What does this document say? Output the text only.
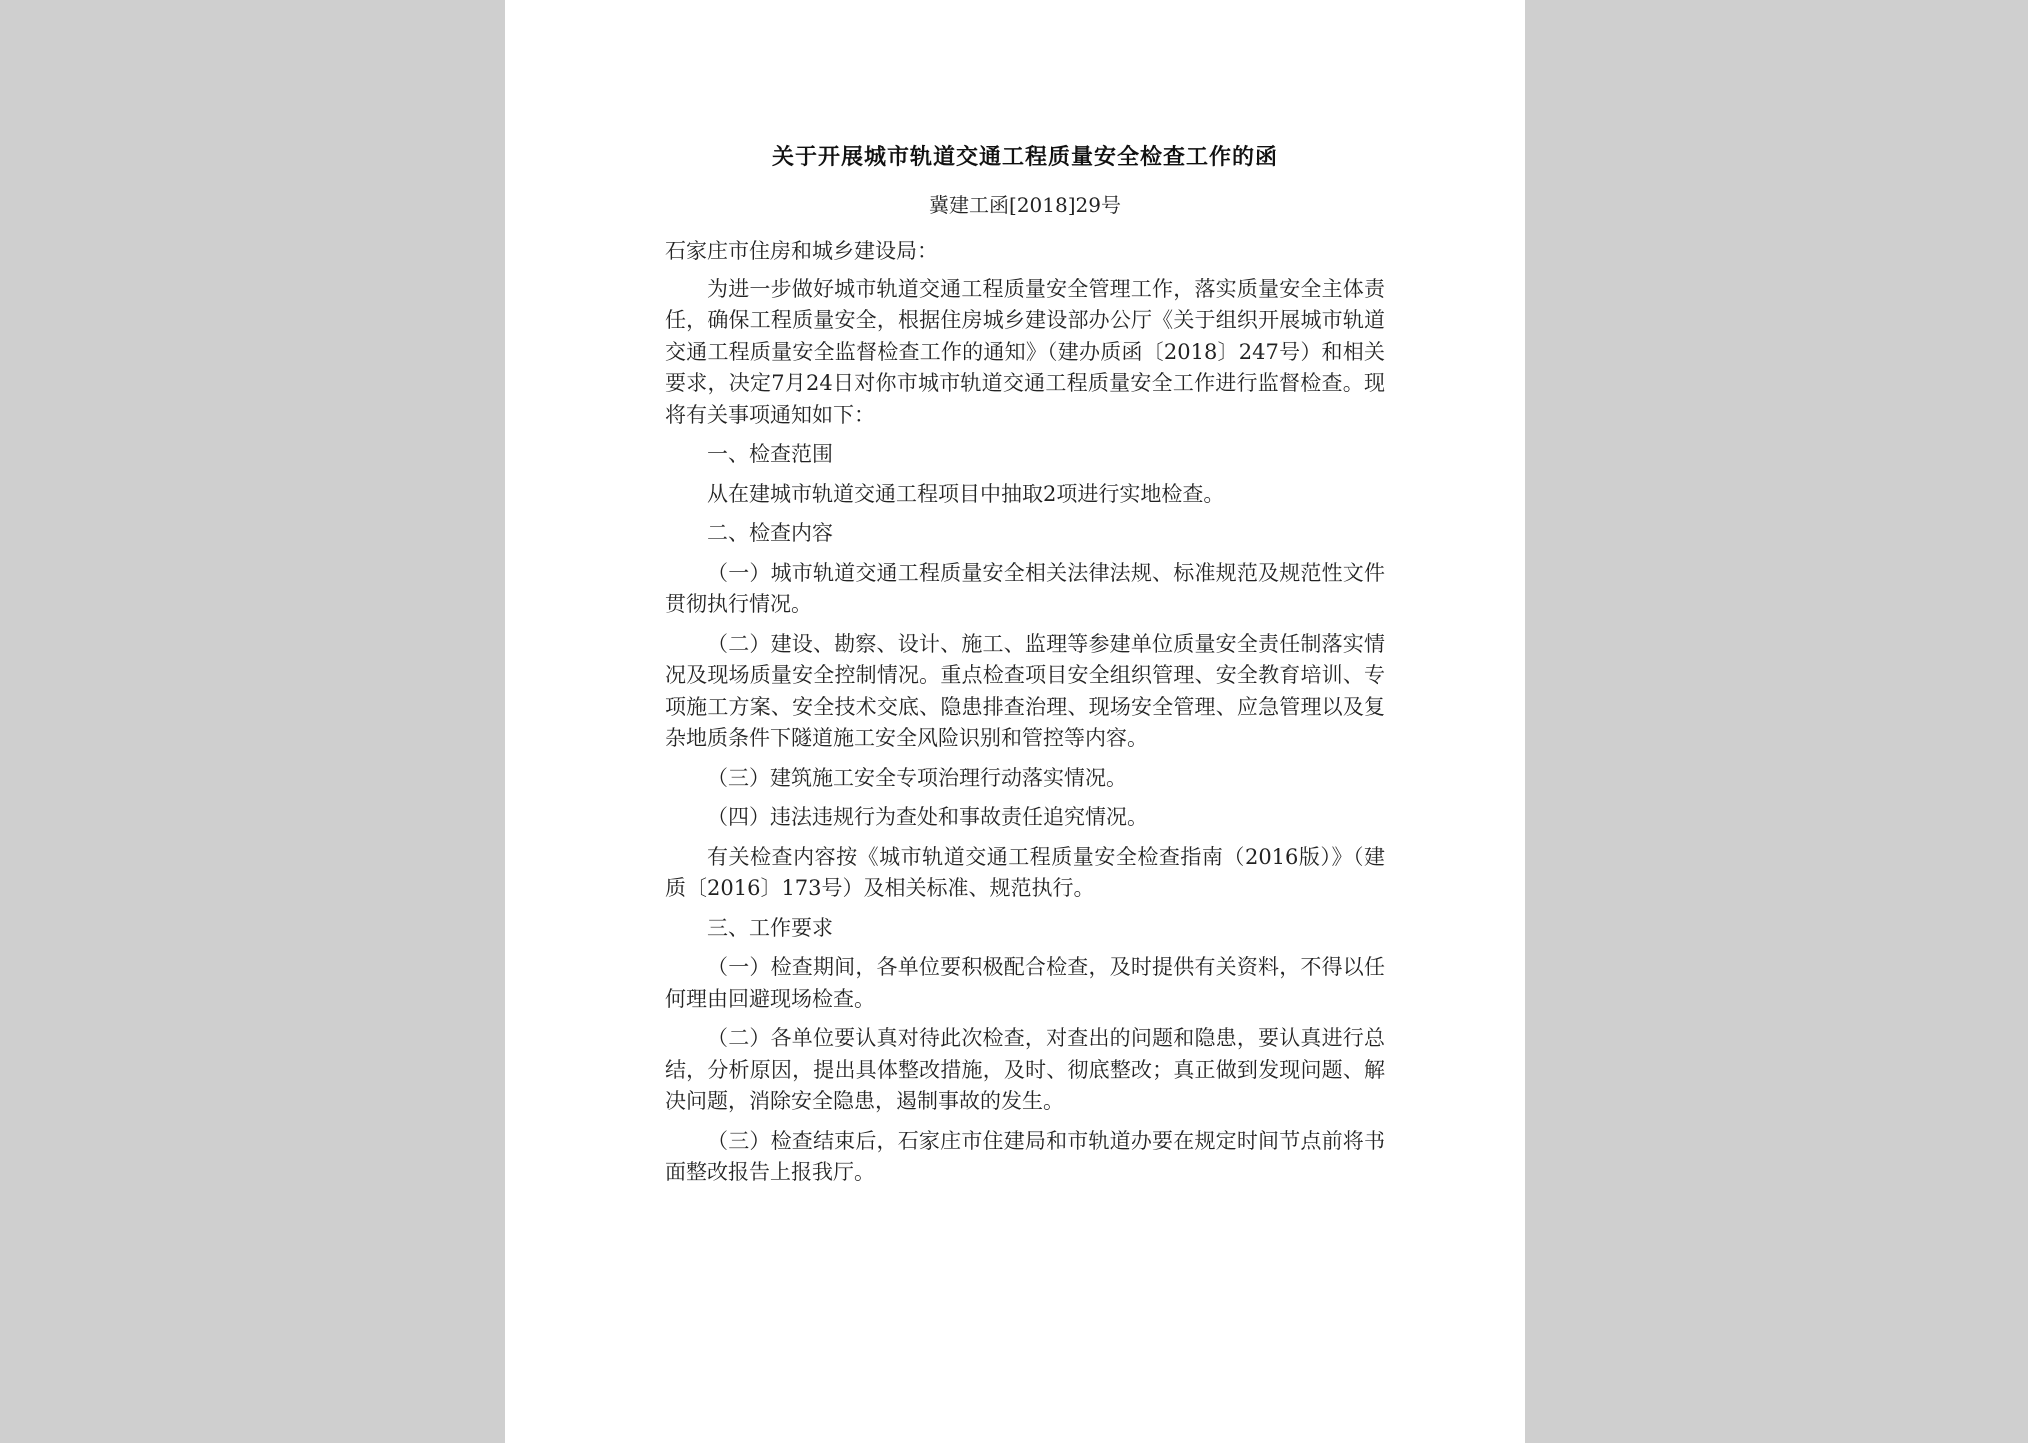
关于开展城市轨道交通工程质量安全检查工作的函
冀建工函[2018]29号
石家庄市住房和城乡建设局：
为进一步做好城市轨道交通工程质量安全管理工作，落实质量安全主体责任，确保工程质量安全，根据住房城乡建设部办公厅《关于组织开展城市轨道交通工程质量安全监督检查工作的通知》（建办质函〔2018〕247号）和相关要求，决定7月24日对你市城市轨道交通工程质量安全工作进行监督检查。现将有关事项通知如下：
一、检查范围
从在建城市轨道交通工程项目中抽取2项进行实地检查。
二、检查内容
（一）城市轨道交通工程质量安全相关法律法规、标准规范及规范性文件贯彻执行情况。
（二）建设、勘察、设计、施工、监理等参建单位质量安全责任制落实情况及现场质量安全控制情况。重点检查项目安全组织管理、安全教育培训、专项施工方案、安全技术交底、隐患排查治理、现场安全管理、应急管理以及复杂地质条件下隧道施工安全风险识别和管控等内容。
（三）建筑施工安全专项治理行动落实情况。
（四）违法违规行为查处和事故责任追究情况。
有关检查内容按《城市轨道交通工程质量安全检查指南（2016版）》（建质〔2016〕173号）及相关标准、规范执行。
三、工作要求
（一）检查期间，各单位要积极配合检查，及时提供有关资料，不得以任何理由回避现场检查。
（二）各单位要认真对待此次检查，对查出的问题和隐患，要认真进行总结，分析原因，提出具体整改措施，及时、彻底整改；真正做到发现问题、解决问题，消除安全隐患，遏制事故的发生。
（三）检查结束后，石家庄市住建局和市轨道办要在规定时间节点前将书面整改报告上报我厅。
